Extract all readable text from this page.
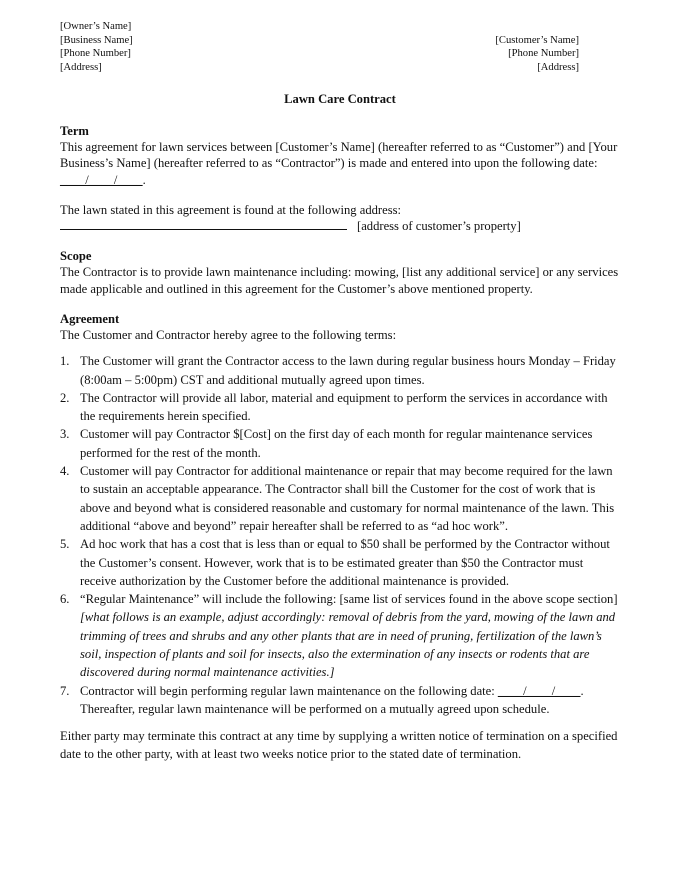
[Owner’s Name]
[Business Name]
[Phone Number]
[Address]
[Customer’s Name]
[Phone Number]
[Address]
Lawn Care Contract
Term

This agreement for lawn services between [Customer’s Name] (hereafter referred to as “Customer”) and [Your Business’s Name] (hereafter referred to as “Contractor”) is made and entered into upon the following date: ____/____/____.

The lawn stated in this agreement is found at the following address:

[address of customer’s property]

Scope

The Contractor is to provide lawn maintenance including: mowing, [list any additional service] or any services made applicable and outlined in this agreement for the Customer’s above mentioned property.

Agreement

The Customer and Contractor hereby agree to the following terms:

1. The Customer will grant the Contractor access to the lawn during regular business hours Monday – Friday (8:00am – 5:00pm) CST and additional mutually agreed upon times.
2. The Contractor will provide all labor, material and equipment to perform the services in accordance with the requirements herein specified.
3. Customer will pay Contractor $[Cost] on the first day of each month for regular maintenance services performed for the rest of the month.
4. Customer will pay Contractor for additional maintenance or repair that may become required for the lawn to sustain an acceptable appearance. The Contractor shall bill the Customer for the cost of work that is above and beyond what is considered reasonable and customary for normal maintenance of the lawn. This additional “above and beyond” repair hereafter shall be referred to as “ad hoc work”.
5. Ad hoc work that has a cost that is less than or equal to $50 shall be performed by the Contractor without the Customer’s consent. However, work that is to be estimated greater than $50 the Contractor must receive authorization by the Customer before the additional maintenance is provided.
6. “Regular Maintenance” will include the following: [same list of services found in the above scope section] [what follows is an example, adjust accordingly: removal of debris from the yard, mowing of the lawn and trimming of trees and shrubs and any other plants that are in need of pruning, fertilization of the lawn’s soil, inspection of plants and soil for insects, also the extermination of any insects or rodents that are discovered during normal maintenance activities.]
7. Contractor will begin performing regular lawn maintenance on the following date: ____/____/____. Thereafter, regular lawn maintenance will be performed on a mutually agreed upon schedule.

Either party may terminate this contract at any time by supplying a written notice of termination on a specified date to the other party, with at least two weeks notice prior to the stated date of termination.
